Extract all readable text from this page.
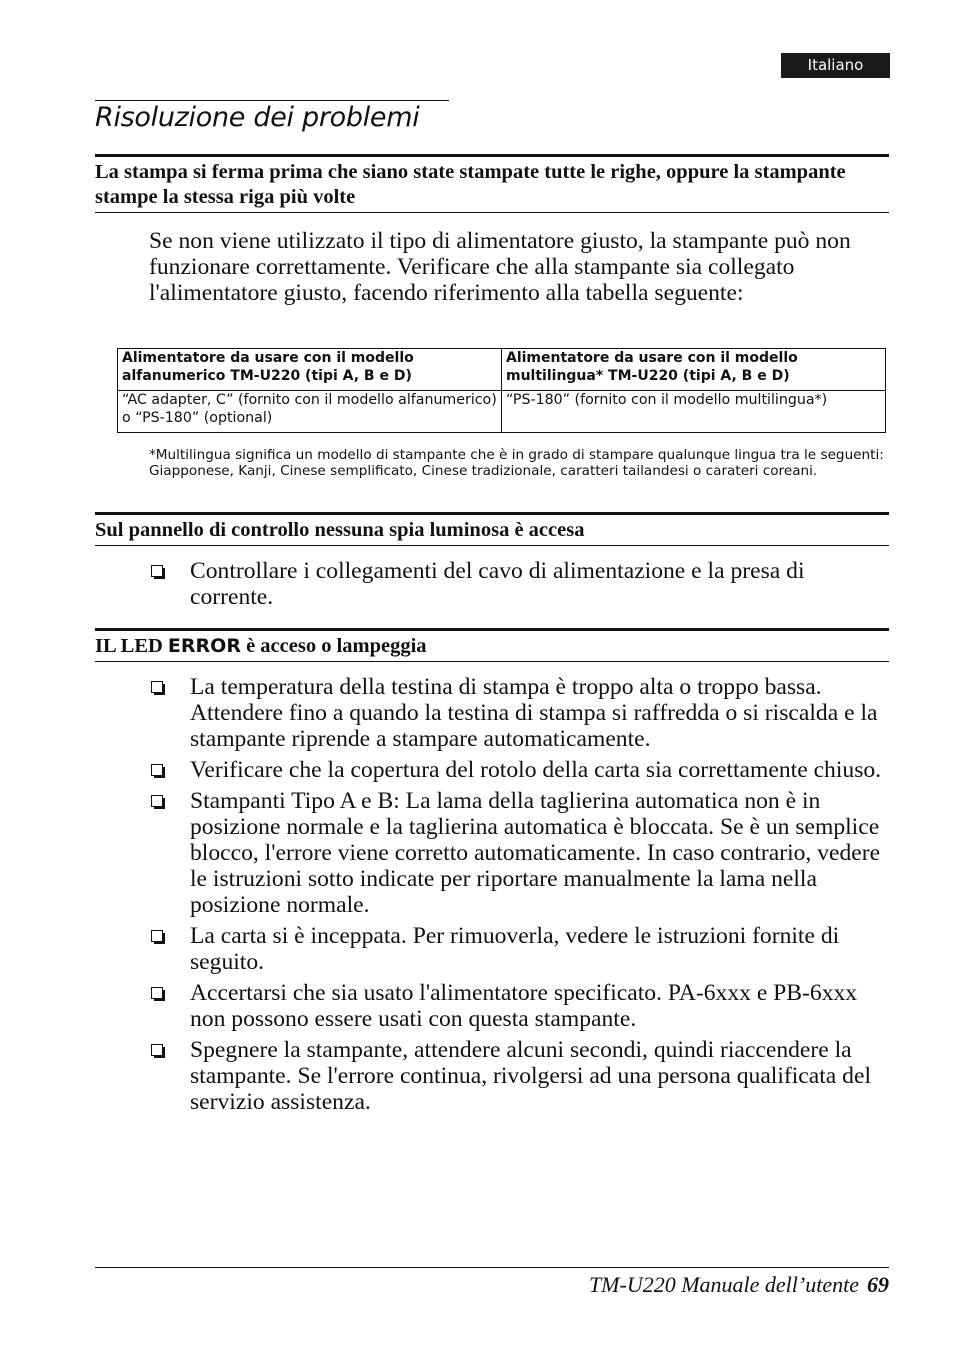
Italiano
Risoluzione dei problemi
La stampa si ferma prima che siano state stampate tutte le righe, oppure la stampante stampe la stessa riga più volte
Se non viene utilizzato il tipo di alimentatore giusto, la stampante può non funzionare correttamente. Verificare che alla stampante sia collegato l'alimentatore giusto, facendo riferimento alla tabella seguente:
Alimentatore da usare con il modello alfanumerico TM-U220 (tipi A, B e D)	Alimentatore da usare con il modello multilingua* TM-U220 (tipi A, B e D)
“AC adapter, C” (fornito con il modello alfanumerico) o “PS-180” (optional)	“PS-180” (fornito con il modello multilingua*)
*Multilingua significa un modello di stampante che è in grado di stampare qualunque lingua tra le seguenti: Giapponese, Kanji, Cinese semplificato, Cinese tradizionale, caratteri tailandesi o carateri coreani.
Sul pannello di controllo nessuna spia luminosa è accesa
Controllare i collegamenti del cavo di alimentazione e la presa di corrente.
IL LED ERROR è acceso o lampeggia
La temperatura della testina di stampa è troppo alta o troppo bassa. Attendere fino a quando la testina di stampa si raffredda o si riscalda e la stampante riprende a stampare automaticamente.
Verificare che la copertura del rotolo della carta sia correttamente chiuso.
Stampanti Tipo A e B: La lama della taglierina automatica non è in posizione normale e la taglierina automatica è bloccata. Se è un semplice blocco, l'errore viene corretto automaticamente. In caso contrario, vedere le istruzioni sotto indicate per riportare manualmente la lama nella posizione normale.
La carta si è inceppata. Per rimuoverla, vedere le istruzioni fornite di seguito.
Accertarsi che sia usato l'alimentatore specificato. PA-6xxx e PB-6xxx non possono essere usati con questa stampante.
Spegnere la stampante, attendere alcuni secondi, quindi riaccendere la stampante. Se l'errore continua, rivolgersi ad una persona qualificata del servizio assistenza.
TM-U220 Manuale dell’utente 69
